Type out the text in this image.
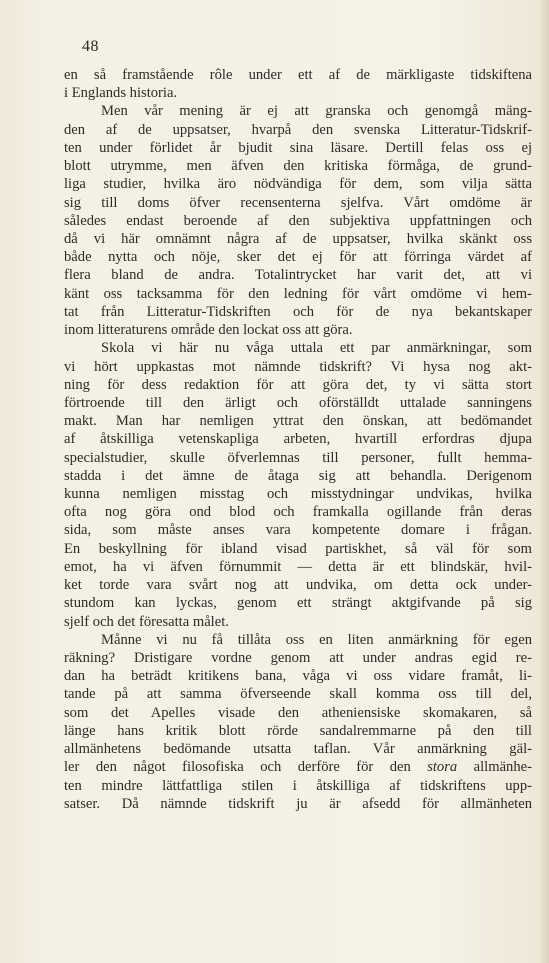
48
en så framstående rôle under ett af de märkligaste tidskiftena
i Englands historia.
Men vår mening är ej att granska och genomgå mäng-
den af de uppsatser, hvarpå den svenska Litteratur-Tidskrif-
ten under förlidet år bjudit sina läsare. Dertill felas oss ej
blott utrymme, men äfven den kritiska förmåga, de grund-
liga studier, hvilka äro nödvändiga för dem, som vilja sätta
sig till doms öfver recensenterna sjelfva. Vårt omdöme är
således endast beroende af den subjektiva uppfattningen och
då vi här omnämnt några af de uppsatser, hvilka skänkt oss
både nytta och nöje, sker det ej för att förringa värdet af
flera bland de andra. Totalintrycket har varit det, att vi
känt oss tacksamma för den ledning för vårt omdöme vi hem-
tat från Litteratur-Tidskriften och för de nya bekantskaper
inom litteraturens område den lockat oss att göra.
Skola vi här nu våga uttala ett par anmärkningar, som
vi hört uppkastas mot nämnde tidskrift? Vi hysa nog akt-
ning för dess redaktion för att göra det, ty vi sätta stort
förtroende till den ärligt och oförställdt uttalade sanningens
makt. Man har nemligen yttrat den önskan, att bedömandet
af åtskilliga vetenskapliga arbeten, hvartill erfordras djupa
specialstudier, skulle öfverlemnas till personer, fullt hemma-
stadda i det ämne de åtaga sig att behandla. Derigenom
kunna nemligen misstag och misstydningar undvikas, hvilka
ofta nog göra ond blod och framkalla ogillande från deras
sida, som måste anses vara kompetente domare i frågan.
En beskyllning för ibland visad partiskhet, så väl för som
emot, ha vi äfven förnummit — detta är ett blindskär, hvil-
ket torde vara svårt nog att undvika, om detta ock under-
stundom kan lyckas, genom ett strängt aktgifvande på sig
sjelf och det föresatta målet.
Månne vi nu få tillåta oss en liten anmärkning för egen
räkning? Dristigare vordne genom att under andras egid re-
dan ha beträdt kritikens bana, våga vi oss vidare framåt, li-
tande på att samma öfverseende skall komma oss till del,
som det Apelles visade den atheniensiske skomakaren, så
länge hans kritik blott rörde sandalremmarne på den till
allmänhetens bedömande utsatta taflan. Vår anmärkning gäl-
ler den något filosofiska och derföre för den stora allmänhe-
ten mindre lättfattliga stilen i åtskilliga af tidskriftens upp-
satser. Då nämnde tidskrift ju är afsedd för allmänheten
